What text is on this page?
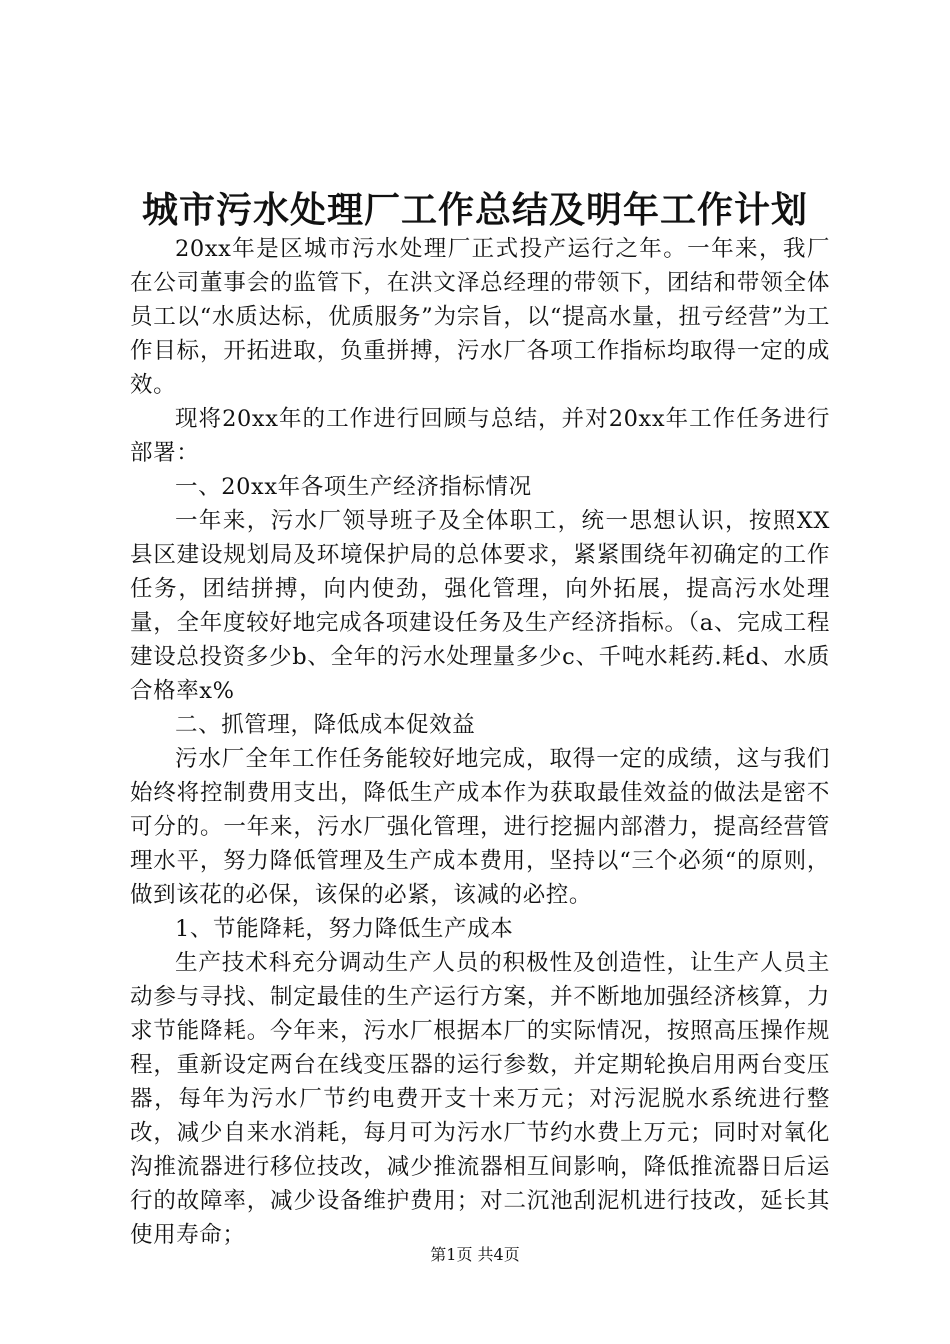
城市污水处理厂工作总结及明年工作计划

20xx年是区城市污水处理厂正式投产运行之年。一年来，我厂在公司董事会的监管下，在洪文泽总经理的带领下，团结和带领全体员工以“水质达标，优质服务”为宗旨，以“提高水量，扭亏经营”为工作目标，开拓进取，负重拼搏，污水厂各项工作指标均取得一定的成效。

现将20xx年的工作进行回顾与总结，并对20xx年工作任务进行部署：

一、20xx年各项生产经济指标情况

一年来，污水厂领导班子及全体职工，统一思想认识，按照XX县区建设规划局及环境保护局的总体要求，紧紧围绕年初确定的工作任务，团结拼搏，向内使劲，强化管理，向外拓展，提高污水处理量，全年度较好地完成各项建设任务及生产经济指标。（a、完成工程建设总投资多少b、全年的污水处理量多少c、千吨水耗药.耗d、水质合格率x%

二、抓管理，降低成本促效益

污水厂全年工作任务能较好地完成，取得一定的成绩，这与我们始终将控制费用支出，降低生产成本作为获取最佳效益的做法是密不可分的。一年来，污水厂强化管理，进行挖掘内部潜力，提高经营管理水平，努力降低管理及生产成本费用，坚持以“三个必须“的原则，做到该花的必保，该保的必紧，该减的必控。

1、节能降耗，努力降低生产成本

生产技术科充分调动生产人员的积极性及创造性，让生产人员主动参与寻找、制定最佳的生产运行方案，并不断地加强经济核算，力求节能降耗。今年来，污水厂根据本厂的实际情况，按照高压操作规程，重新设定两台在线变压器的运行参数，并定期轮换启用两台变压器，每年为污水厂节约电费开支十来万元；对污泥脱水系统进行整改，减少自来水消耗，每月可为污水厂节约水费上万元；同时对氧化沟推流器进行移位技改，减少推流器相互间影响，降低推流器日后运行的故障率，减少设备维护费用；对二沉池刮泥机进行技改，延长其使用寿命；

第1页 共4页
